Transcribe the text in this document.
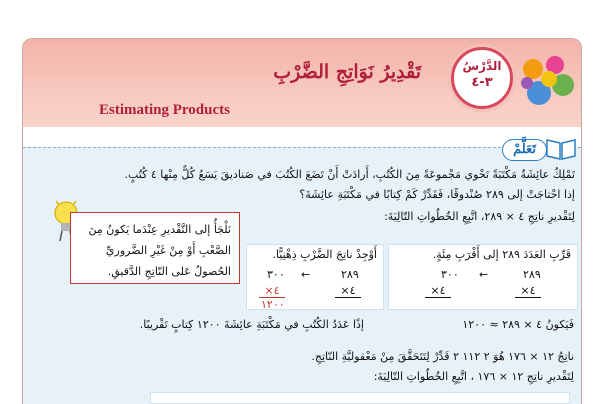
تَقْدِيرُ نَوَاتِجِ الضَّرْبِ
Estimating Products
الدَّرْسُ
٣-٤
تَعَلَّمْ
تَمْلِكُ عائِشَةُ مَكْتَبَةً تَحْوي مَجْموعَةً مِنَ الكُتُبِ، أَرادَتْ أَنْ تَضَعَ الكُتُبَ في صَناديقَ يَسَعُ كُلٌّ مِنْها ٤ كُتُبٍ.
إذا احْتاجَتْ إلى ٢٨٩ صُنْدوقًا، فَقَدِّرْ كَمْ كِتابًا في مَكْتَبَةِ عائِشَةَ؟
لِتَقْديرِ ناتِجِ ٤ × ٢٨٩، اتَّبِعِ الخُطُواتِ التّالِيَةَ:
نَلْجَأُ إلى التَّقْديرِ عِنْدَما يَكونُ مِنَ الصَّعْبِ أَوْ مِنْ غَيْرِ الضَّروريِّ الحُصولُ عَلى النّاتِجِ الدَّقيقِ.
قَرِّبِ العَدَدَ ٢٨٩ إلى أَقْرَبِ مِئَةٍ.
٣٠٠ ←	٢٨٩
٤×	٤×
أَوْجِدْ ناتِجَ الضَّرْبِ ذِهْنِيًّا.
٣٠٠ ←	٢٨٩
٤×	٤×
١٢٠٠
فَيَكونُ ٤ × ٢٨٩ ≈ ١٢٠٠
إذًا عَدَدُ الكُتُبِ في مَكْتَبَةِ عائِشَةَ ١٢٠٠ كِتابٍ تَقْريبًا.
ناتِجُ ١٢ × ١٧٦ هُوَ ٢ ١١٢ ٢ قَدِّرْ لِتَتَحَقَّقَ مِنْ مَعْقوليَّةِ النّاتِجِ.
لِتَقْديرِ ناتِجِ ١٢ × ١٧٦ ، اتَّبِعِ الخُطُواتِ التّالِيَةَ:
